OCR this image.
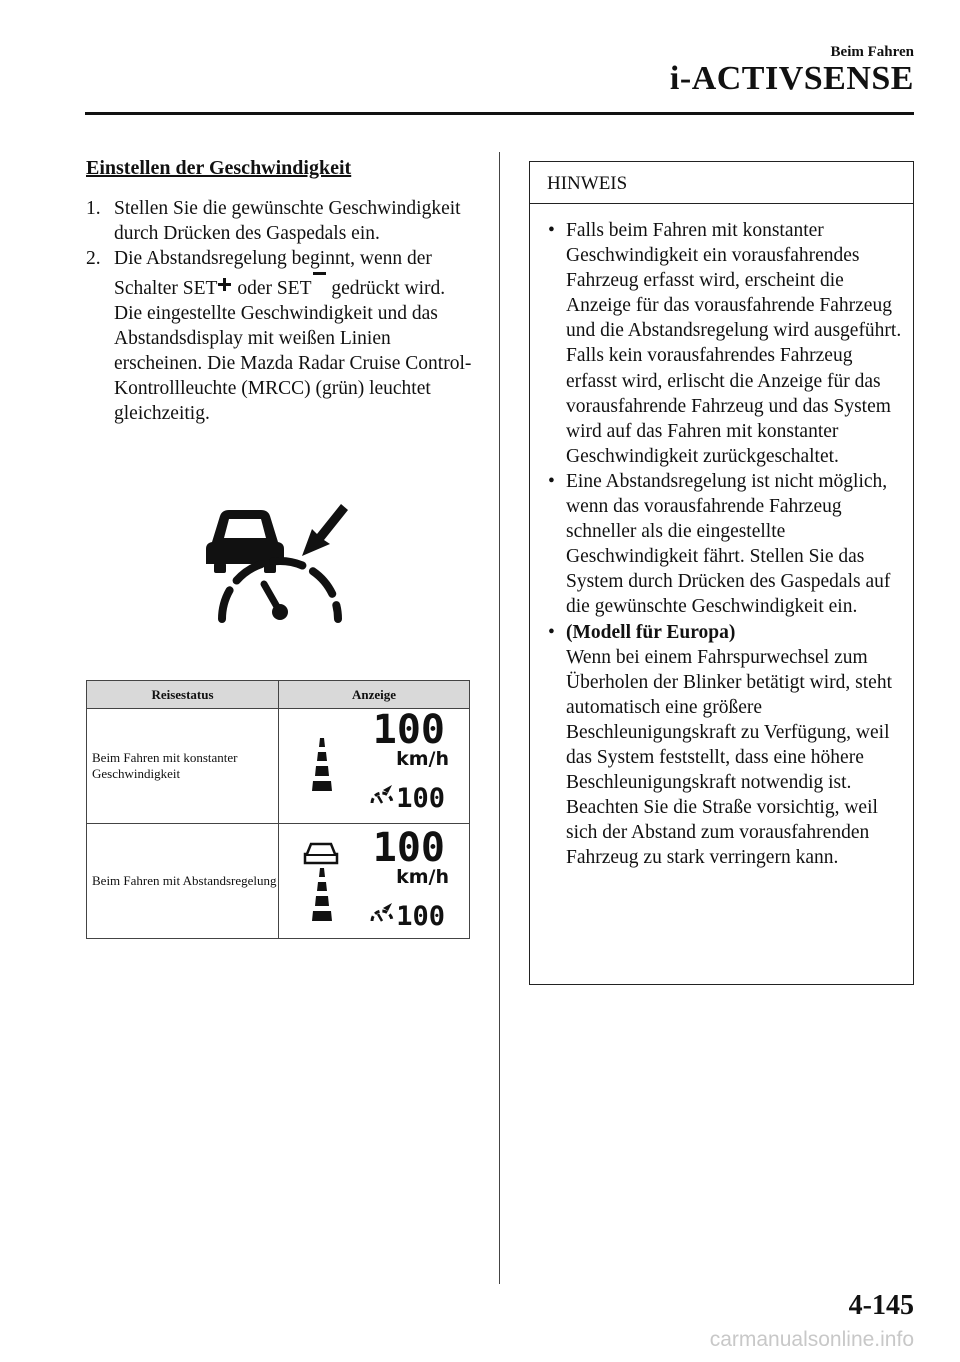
Beim Fahren
i-ACTIVSENSE
Einstellen der Geschwindigkeit
1. Stellen Sie die gewünschte Geschwindigkeit durch Drücken des Gaspedals ein.
2. Die Abstandsregelung beginnt, wenn der Schalter SET oder SET gedrückt wird. Die eingestellte Geschwindigkeit und das Abstandsdisplay mit weißen Linien erscheinen. Die Mazda Radar Cruise Control-Kontrollleuchte (MRCC) (grün) leuchtet gleichzeitig.
Reisestatus	Anzeige
Beim Fahren mit konstanter Geschwindigkeit	100
km/h
100

Beim Fahren mit Abstandsregelung	100
km/h
100
HINWEIS
• Falls beim Fahren mit konstanter Geschwindigkeit ein vorausfahrendes Fahrzeug erfasst wird, erscheint die Anzeige für das vorausfahrende Fahrzeug und die Abstandsregelung wird ausgeführt. Falls kein vorausfahrendes Fahrzeug erfasst wird, erlischt die Anzeige für das vorausfahrende Fahrzeug und das System wird auf das Fahren mit konstanter Geschwindigkeit zurückgeschaltet.
• Eine Abstandsregelung ist nicht möglich, wenn das vorausfahrende Fahrzeug schneller als die eingestellte Geschwindigkeit fährt. Stellen Sie das System durch Drücken des Gaspedals auf die gewünschte Geschwindigkeit ein.
• (Modell für Europa)
Wenn bei einem Fahrspurwechsel zum Überholen der Blinker betätigt wird, steht automatisch eine größere Beschleunigungskraft zu Verfügung, weil das System feststellt, dass eine höhere Beschleunigungskraft notwendig ist. Beachten Sie die Straße vorsichtig, weil sich der Abstand zum vorausfahrenden Fahrzeug zu stark verringern kann.
4-145
carmanualsonline.info
